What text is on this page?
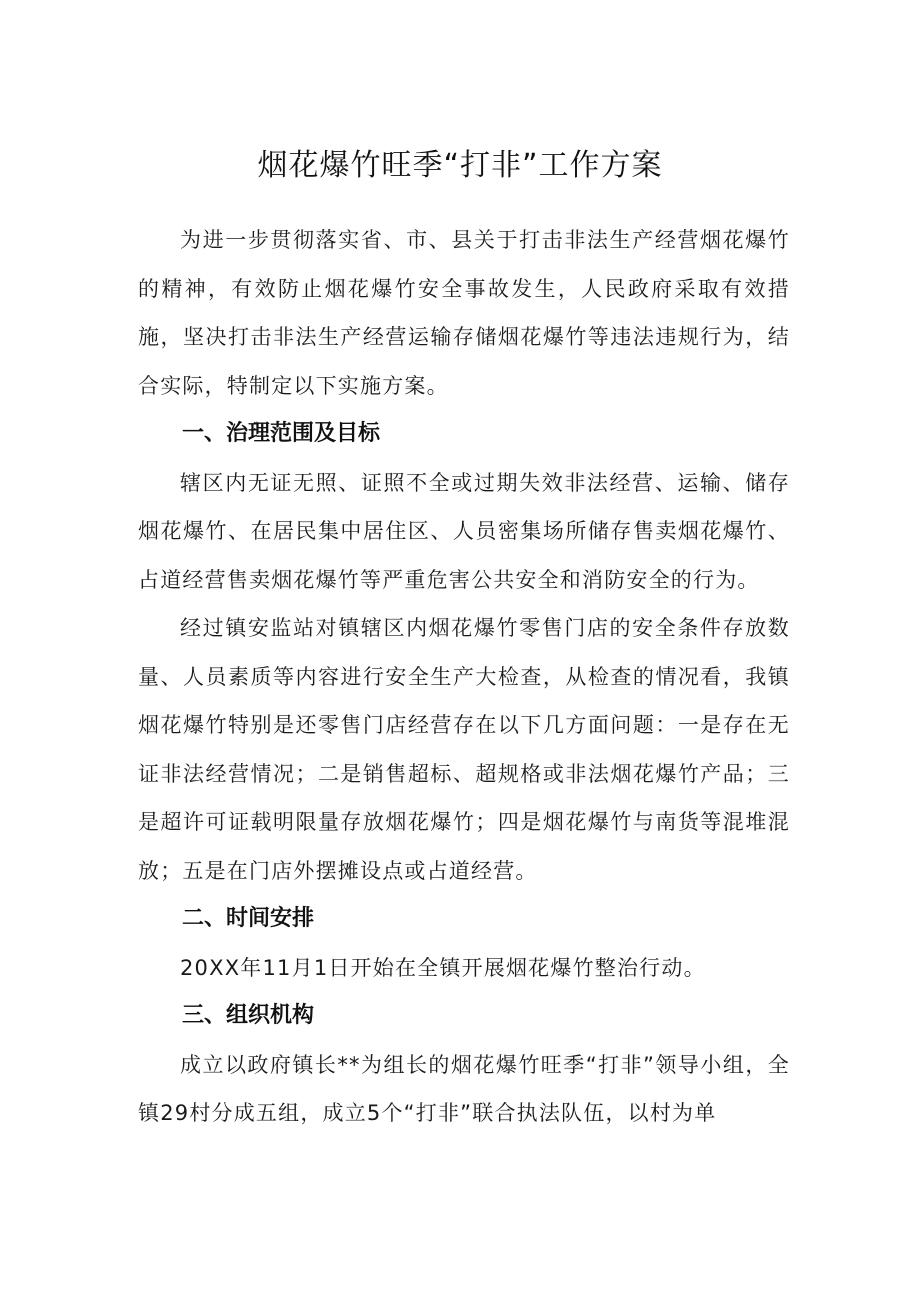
烟花爆竹旺季“打非”工作方案

为进一步贯彻落实省、市、县关于打击非法生产经营烟花爆竹的精神，有效防止烟花爆竹安全事故发生，人民政府采取有效措施，坚决打击非法生产经营运输存储烟花爆竹等违法违规行为，结合实际，特制定以下实施方案。

一、治理范围及目标

辖区内无证无照、证照不全或过期失效非法经营、运输、储存烟花爆竹、在居民集中居住区、人员密集场所储存售卖烟花爆竹、占道经营售卖烟花爆竹等严重危害公共安全和消防安全的行为。

经过镇安监站对镇辖区内烟花爆竹零售门店的安全条件存放数量、人员素质等内容进行安全生产大检查，从检查的情况看，我镇烟花爆竹特别是还零售门店经营存在以下几方面问题：一是存在无证非法经营情况；二是销售超标、超规格或非法烟花爆竹产品；三是超许可证载明限量存放烟花爆竹；四是烟花爆竹与南货等混堆混放；五是在门店外摆摊设点或占道经营。

二、时间安排

20XX年11月1日开始在全镇开展烟花爆竹整治行动。

三、组织机构

成立以政府镇长**为组长的烟花爆竹旺季“打非”领导小组，全镇29村分成五组，成立5个“打非”联合执法队伍，以村为单
